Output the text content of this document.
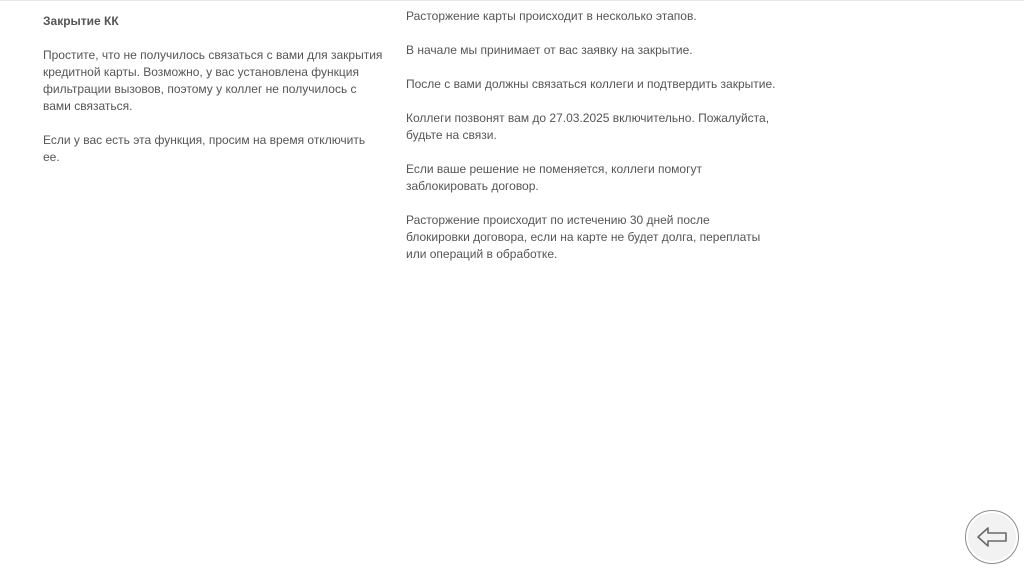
Закрытие КК

Простите, что не получилось связаться с вами для закрытия кредитной карты. Возможно, у вас установлена функция фильтрации вызовов, поэтому у коллег не получилось с вами связаться.

Если у вас есть эта функция, просим на время отключить ее.

Расторжение карты происходит в несколько этапов.

В начале мы принимает от вас заявку на закрытие.

После с вами должны связаться коллеги и подтвердить закрытие.

Коллеги позвонят вам до 27.03.2025 включительно. Пожалуйста, будьте на связи.

Если ваше решение не поменяется, коллеги помогут заблокировать договор.

Расторжение происходит по истечению 30 дней после блокировки договора, если на карте не будет долга, переплаты или операций в обработке.
